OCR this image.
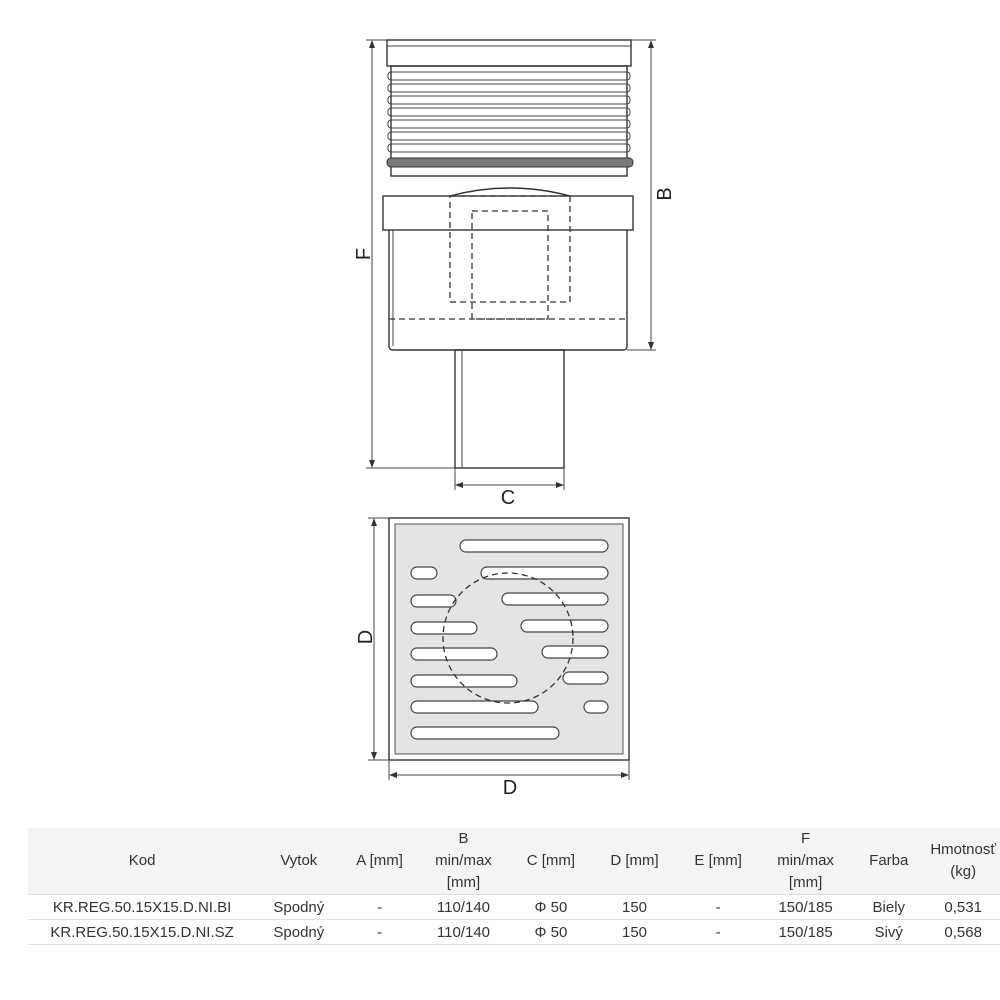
F
B
C
D
D
Kod	Vytok	A [mm]	B
min/max
[mm]	C [mm]	D [mm]	E [mm]	F
min/max
[mm]	Farba	Hmotnosť
(kg)
KR.REG.50.15X15.D.NI.BI	Spodný	-	110/140	Φ 50	150	-	150/185	Biely	0,531
KR.REG.50.15X15.D.NI.SZ	Spodný	-	110/140	Φ 50	150	-	150/185	Sivý	0,568
